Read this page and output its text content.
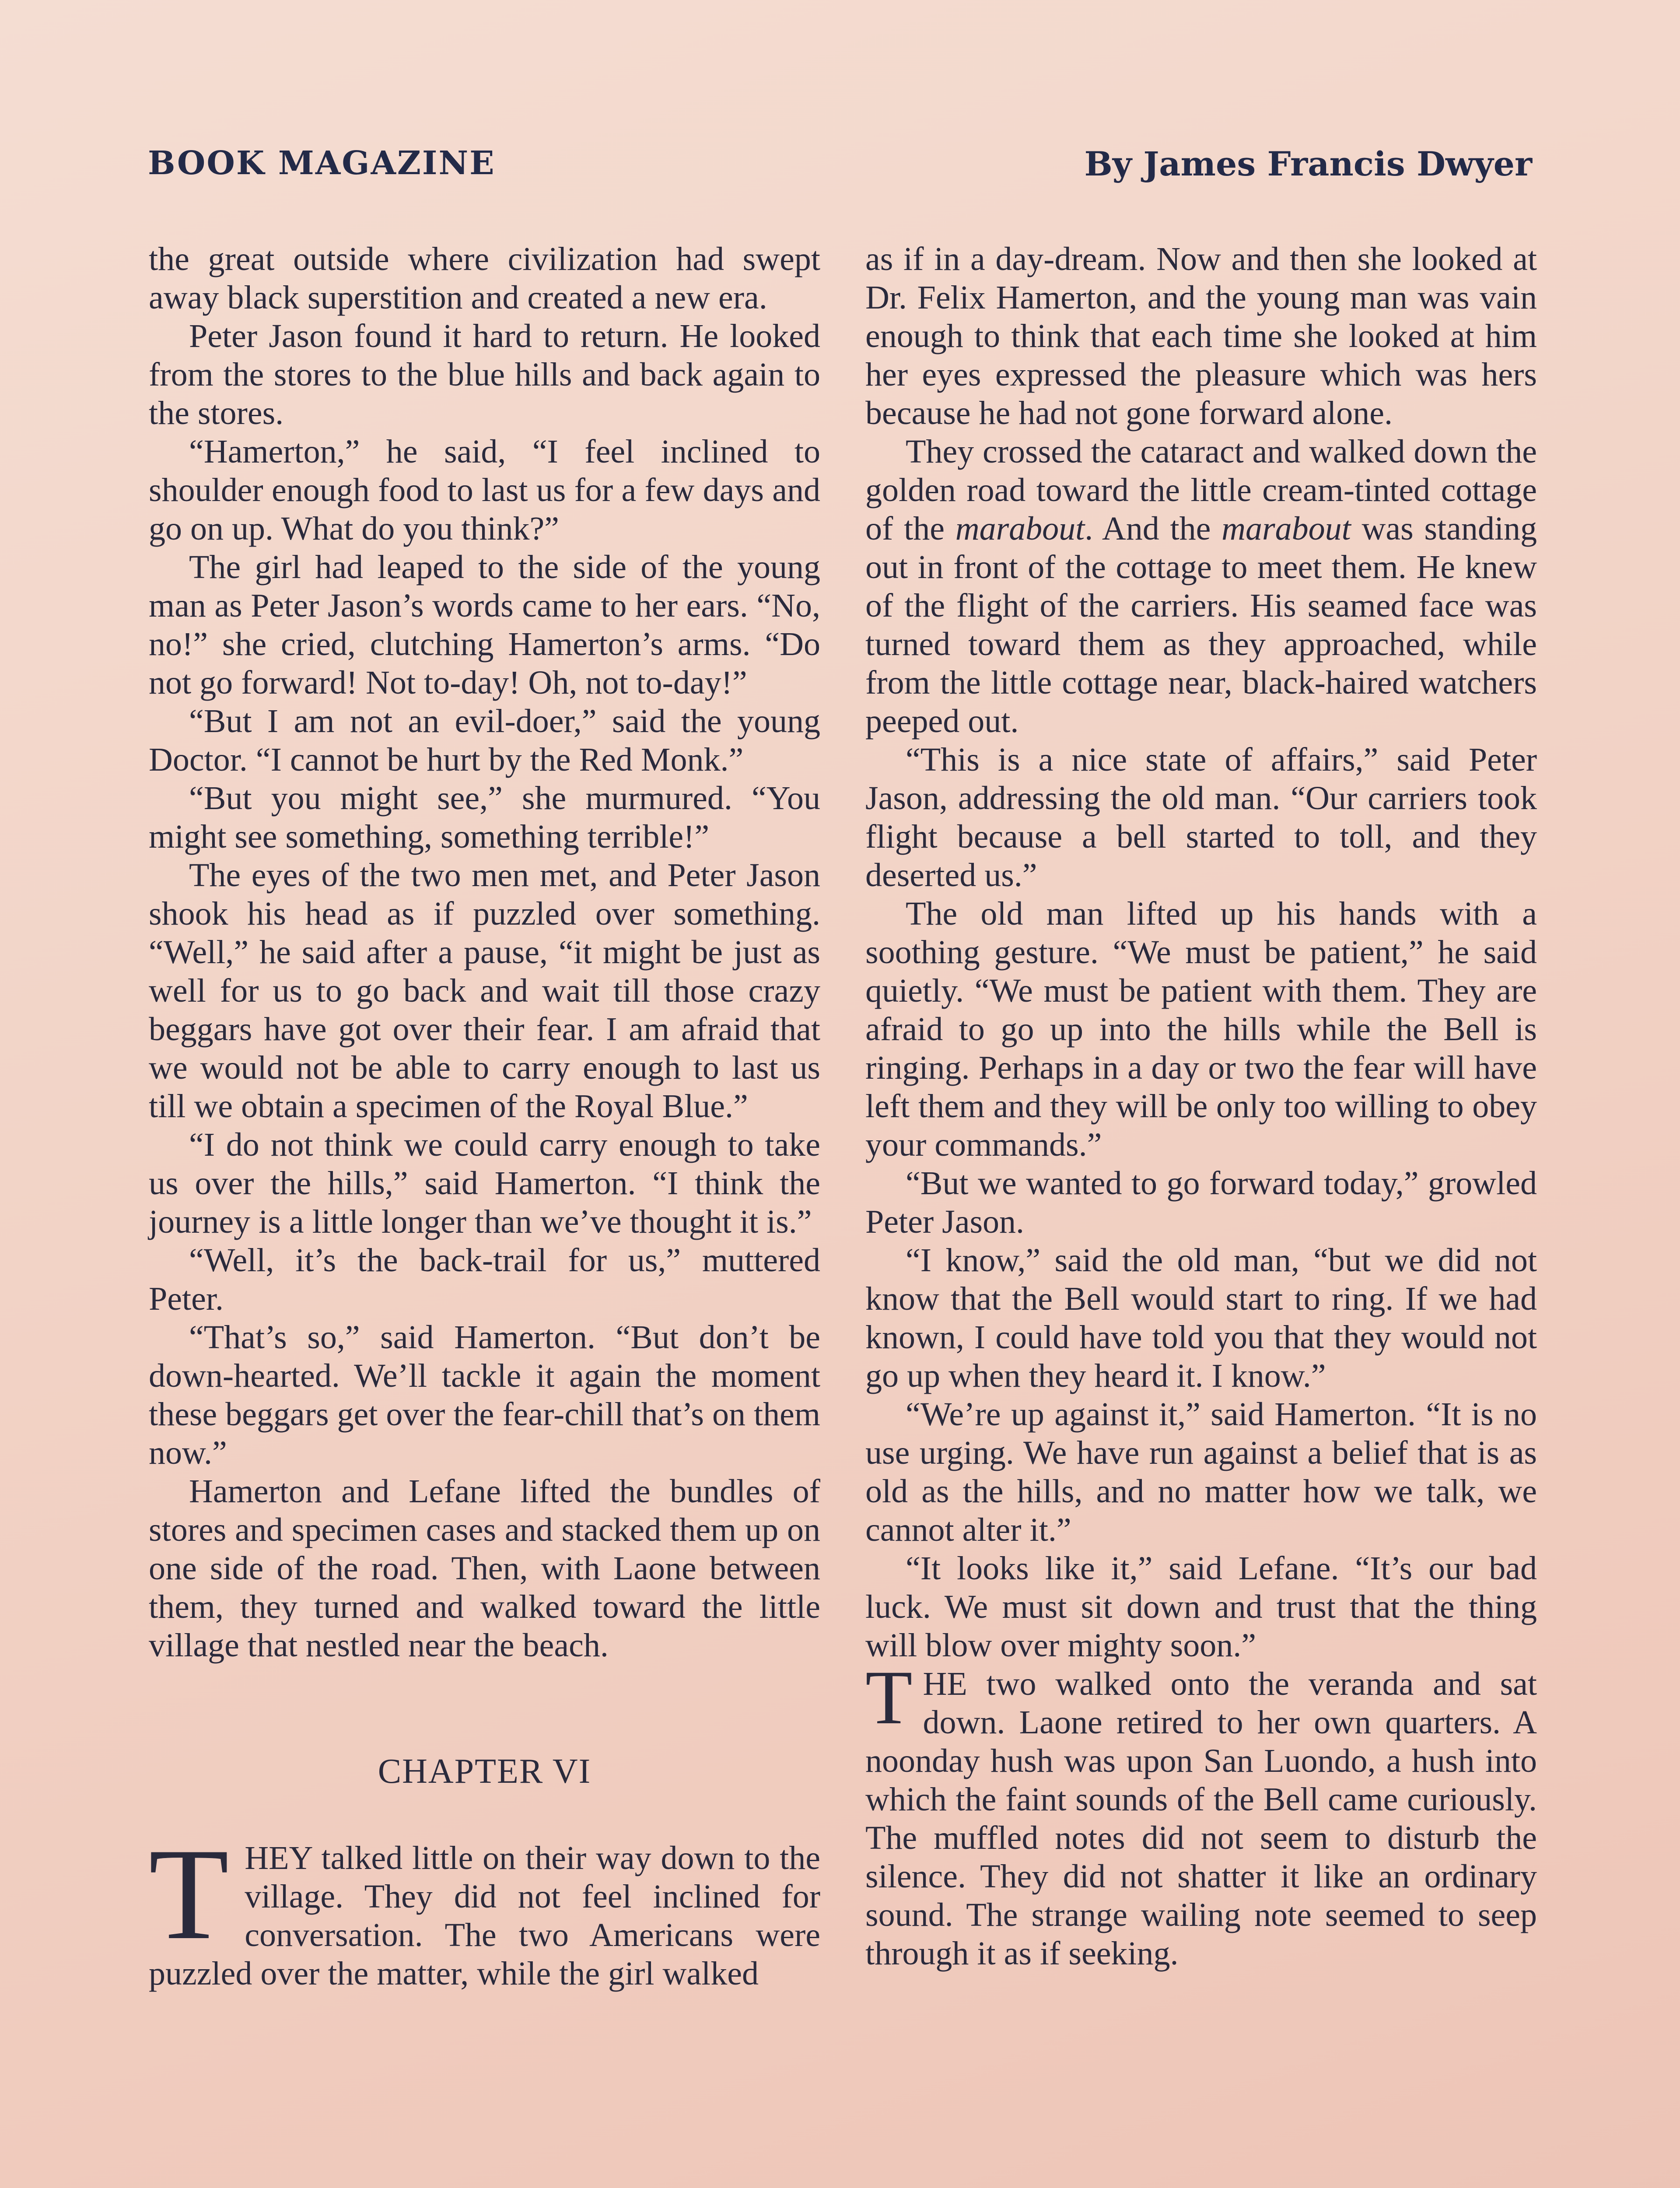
BOOK MAGAZINE	By James Francis Dwyer

the great outside where civilization had swept away black superstition and created a new era.

Peter Jason found it hard to return. He looked from the stores to the blue hills and back again to the stores.

“Hamerton,” he said, “I feel inclined to shoulder enough food to last us for a few days and go on up. What do you think?”

The girl had leaped to the side of the young man as Peter Jason’s words came to her ears. “No, no!” she cried, clutching Hamerton’s arms. “Do not go forward! Not to-day! Oh, not to-day!”

“But I am not an evil-doer,” said the young Doctor. “I cannot be hurt by the Red Monk.”

“But you might see,” she murmured. “You might see something, something terrible!”

The eyes of the two men met, and Peter Jason shook his head as if puzzled over something. “Well,” he said after a pause, “it might be just as well for us to go back and wait till those crazy beggars have got over their fear. I am afraid that we would not be able to carry enough to last us till we obtain a specimen of the Royal Blue.”

“I do not think we could carry enough to take us over the hills,” said Hamerton. “I think the journey is a little longer than we’ve thought it is.”

“Well, it’s the back-trail for us,” muttered Peter.

“That’s so,” said Hamerton. “But don’t be down-hearted. We’ll tackle it again the moment these beggars get over the fear-chill that’s on them now.”

Hamerton and Lefane lifted the bundles of stores and specimen cases and stacked them up on one side of the road. Then, with Laone between them, they turned and walked toward the little village that nestled near the beach.

CHAPTER VI

THEY talked little on their way down to the village. They did not feel inclined for conversation. The two Americans were puzzled over the matter, while the girl walked

as if in a day-dream. Now and then she looked at Dr. Felix Hamerton, and the young man was vain enough to think that each time she looked at him her eyes expressed the pleasure which was hers because he had not gone forward alone.

They crossed the cataract and walked down the golden road toward the little cream-tinted cottage of the marabout. And the marabout was standing out in front of the cottage to meet them. He knew of the flight of the carriers. His seamed face was turned toward them as they approached, while from the little cottage near, black-haired watchers peeped out.

“This is a nice state of affairs,” said Peter Jason, addressing the old man. “Our carriers took flight because a bell started to toll, and they deserted us.”

The old man lifted up his hands with a soothing gesture. “We must be patient,” he said quietly. “We must be patient with them. They are afraid to go up into the hills while the Bell is ringing. Perhaps in a day or two the fear will have left them and they will be only too willing to obey your commands.”

“But we wanted to go forward today,” growled Peter Jason.

“I know,” said the old man, “but we did not know that the Bell would start to ring. If we had known, I could have told you that they would not go up when they heard it. I know.”

“We’re up against it,” said Hamerton. “It is no use urging. We have run against a belief that is as old as the hills, and no matter how we talk, we cannot alter it.”

“It looks like it,” said Lefane. “It’s our bad luck. We must sit down and trust that the thing will blow over mighty soon.”

THE two walked onto the veranda and sat down. Laone retired to her own quarters. A noonday hush was upon San Luondo, a hush into which the faint sounds of the Bell came curiously. The muffled notes did not seem to disturb the silence. They did not shatter it like an ordinary sound. The strange wailing note seemed to seep through it as if seeking.
